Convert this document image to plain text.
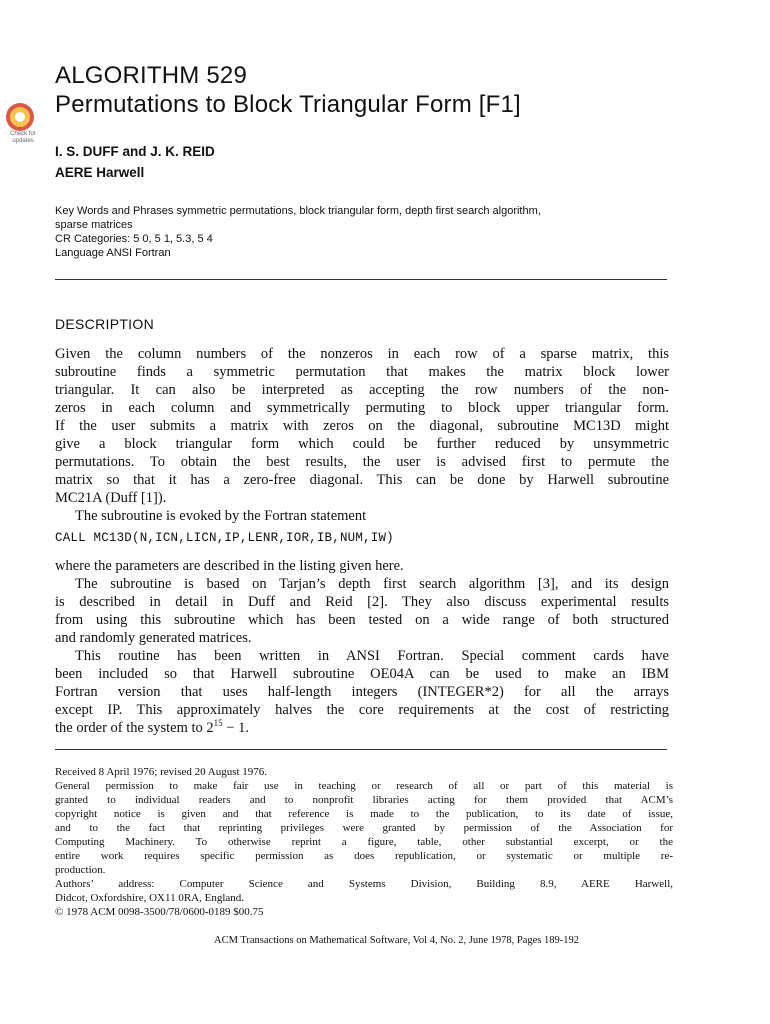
ALGORITHM 529
Permutations to Block Triangular Form [F1]
Check for updates
I. S. DUFF and J. K. REID
AERE Harwell
Key Words and Phrases symmetric permutations, block triangular form, depth first search algorithm,
sparse matrices
CR Categories: 5 0, 5 1, 5.3, 5 4
Language ANSI Fortran
DESCRIPTION
Given the column numbers of the nonzeros in each row of a sparse matrix, this
subroutine finds a symmetric permutation that makes the matrix block lower
triangular. It can also be interpreted as accepting the row numbers of the non-
zeros in each column and symmetrically permuting to block upper triangular form.
If the user submits a matrix with zeros on the diagonal, subroutine MC13D might
give a block triangular form which could be further reduced by unsymmetric
permutations. To obtain the best results, the user is advised first to permute the
matrix so that it has a zero-free diagonal. This can be done by Harwell subroutine
MC21A (Duff [1]).
The subroutine is evoked by the Fortran statement
CALL MC13D(N,ICN,LICN,IP,LENR,IOR,IB,NUM,IW)
where the parameters are described in the listing given here.
The subroutine is based on Tarjan’s depth first search algorithm [3], and its design
is described in detail in Duff and Reid [2]. They also discuss experimental results
from using this subroutine which has been tested on a wide range of both structured
and randomly generated matrices.
This routine has been written in ANSI Fortran. Special comment cards have
been included so that Harwell subroutine OE04A can be used to make an IBM
Fortran version that uses half-length integers (INTEGER*2) for all the arrays
except IP. This approximately halves the core requirements at the cost of restricting
the order of the system to $2^{15} - 1$.
Received 8 April 1976; revised 20 August 1976.
General permission to make fair use in teaching or research of all or part of this material is
granted to individual readers and to nonprofit libraries acting for them provided that ACM’s
copyright notice is given and that reference is made to the publication, to its date of issue,
and to the fact that reprinting privileges were granted by permission of the Association for
Computing Machinery. To otherwise reprint a figure, table, other substantial excerpt, or the
entire work requires specific permission as does republication, or systematic or multiple re-
production.
Authors’ address: Computer Science and Systems Division, Building 8.9, AERE Harwell,
Didcot, Oxfordshire, OX11 0RA, England.
© 1978 ACM 0098-3500/78/0600-0189 $00.75
ACM Transactions on Mathematical Software, Vol 4, No. 2, June 1978, Pages 189-192
